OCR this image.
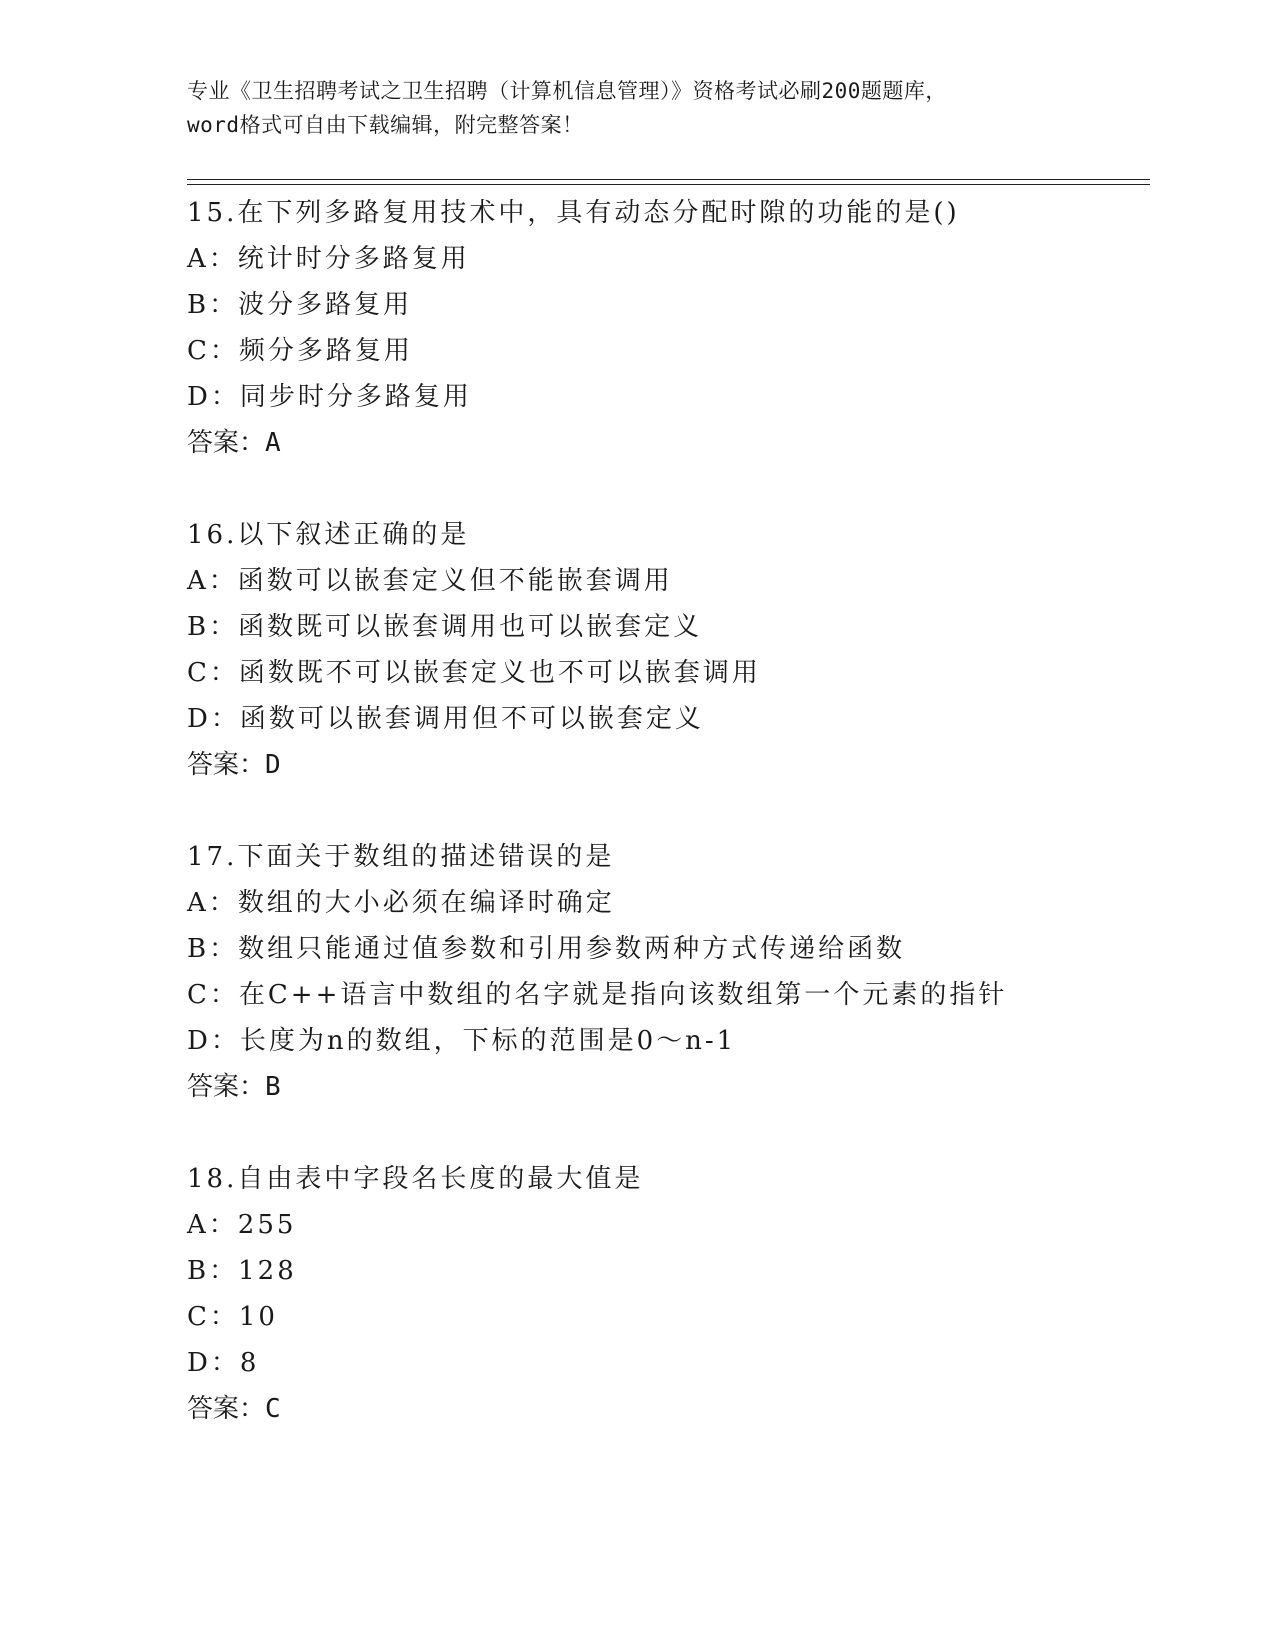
专业《卫生招聘考试之卫生招聘（计算机信息管理）》资格考试必刷200题题库，
word格式可自由下载编辑，附完整答案！
15.在下列多路复用技术中，具有动态分配时隙的功能的是()
A：统计时分多路复用
B：波分多路复用
C：频分多路复用
D：同步时分多路复用
答案：A
16.以下叙述正确的是
A：函数可以嵌套定义但不能嵌套调用
B：函数既可以嵌套调用也可以嵌套定义
C：函数既不可以嵌套定义也不可以嵌套调用
D：函数可以嵌套调用但不可以嵌套定义
答案：D
17.下面关于数组的描述错误的是
A：数组的大小必须在编译时确定
B：数组只能通过值参数和引用参数两种方式传递给函数
C：在C++语言中数组的名字就是指向该数组第一个元素的指针
D：长度为n的数组，下标的范围是0～n-1
答案：B
18.自由表中字段名长度的最大值是
A：255
B：128
C：10
D：8
答案：C
